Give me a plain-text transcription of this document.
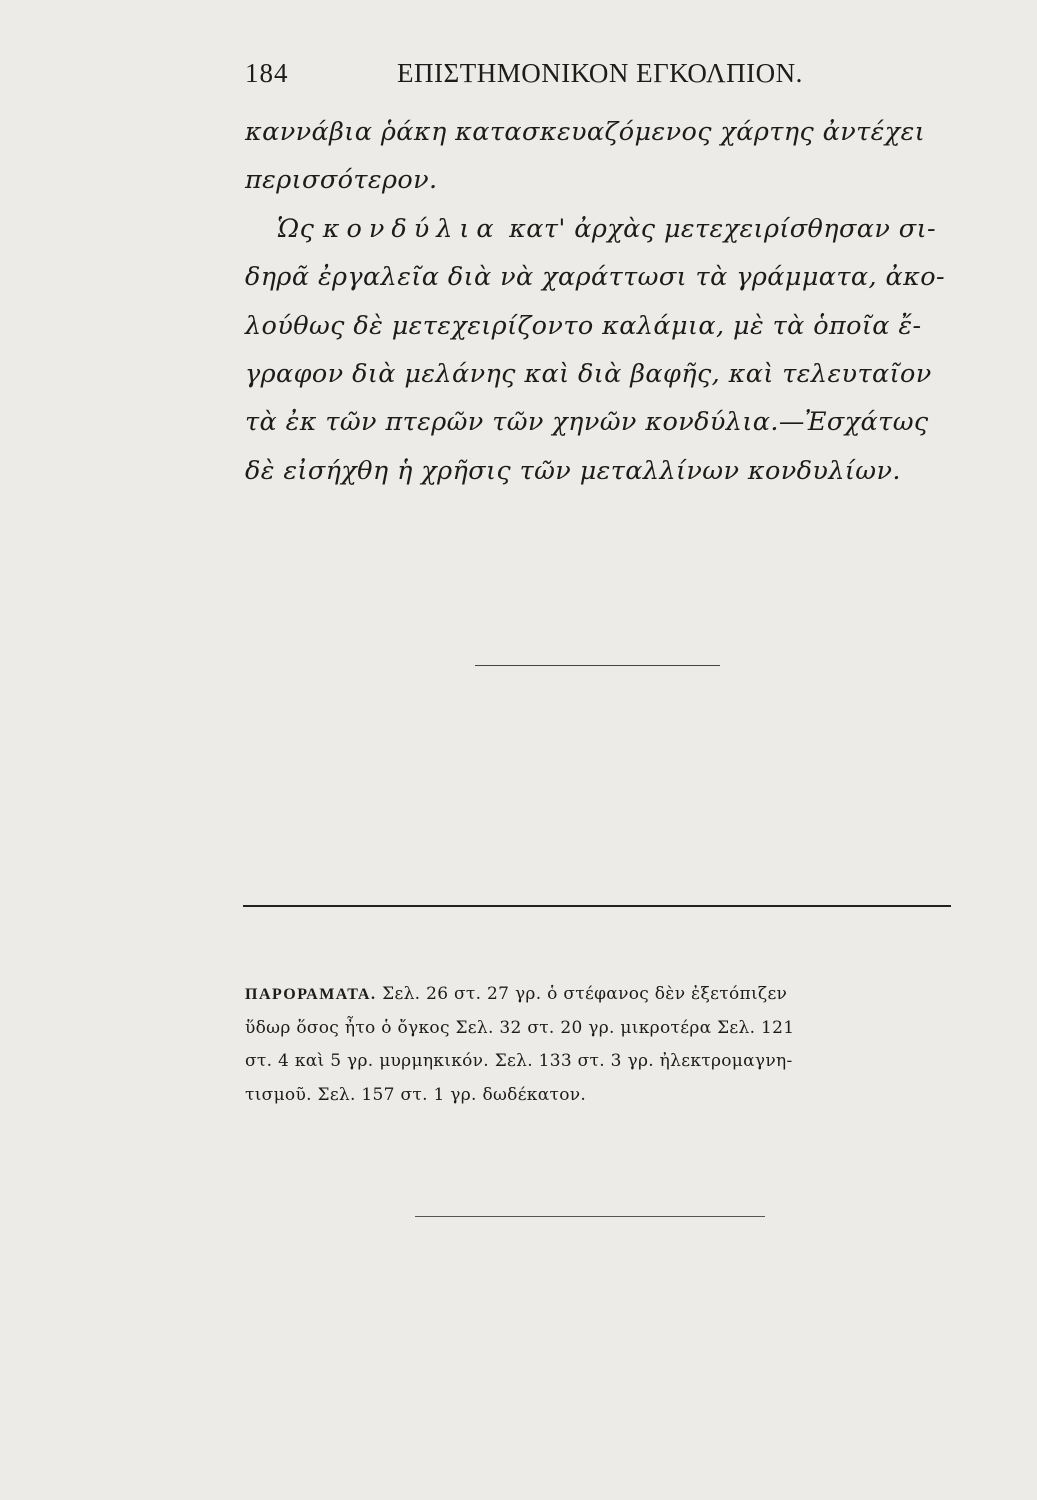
184	ΕΠΙΣΤΗΜΟΝΙΚΟΝ ΕΓΚΟΛΠΙΟΝ.
καννάβια ῥάκη κατασκευαζόμενος χάρτης ἀντέχει
περισσότερον.
Ὡς κονδύλια κατ' ἀρχὰς μετεχειρίσθησαν σι-
δηρᾶ ἐργαλεῖα διὰ νὰ χαράττωσι τὰ γράμματα, ἀκο-
λούθως δὲ μετεχειρίζοντο καλάμια, μὲ τὰ ὁποῖα ἔ-
γραφον διὰ μελάνης καὶ διὰ βαφῆς, καὶ τελευταῖον
τὰ ἐκ τῶν πτερῶν τῶν χηνῶν κονδύλια.—Ἐσχάτως
δὲ εἰσήχθη ἡ χρῆσις τῶν μεταλλίνων κονδυλίων.
ΠΑΡΟΡΑΜΑΤΑ. Σελ. 26 στ. 27 γρ. ὁ στέφανος δὲν ἐξετόπιζεν
ὕδωρ ὅσος ἦτο ὁ ὄγκος Σελ. 32 στ. 20 γρ. μικροτέρα Σελ. 121
στ. 4 καὶ 5 γρ. μυρμηκικόν. Σελ. 133 στ. 3 γρ. ἠλεκτρομαγνη-
τισμοῦ. Σελ. 157 στ. 1 γρ. δωδέκατον.
